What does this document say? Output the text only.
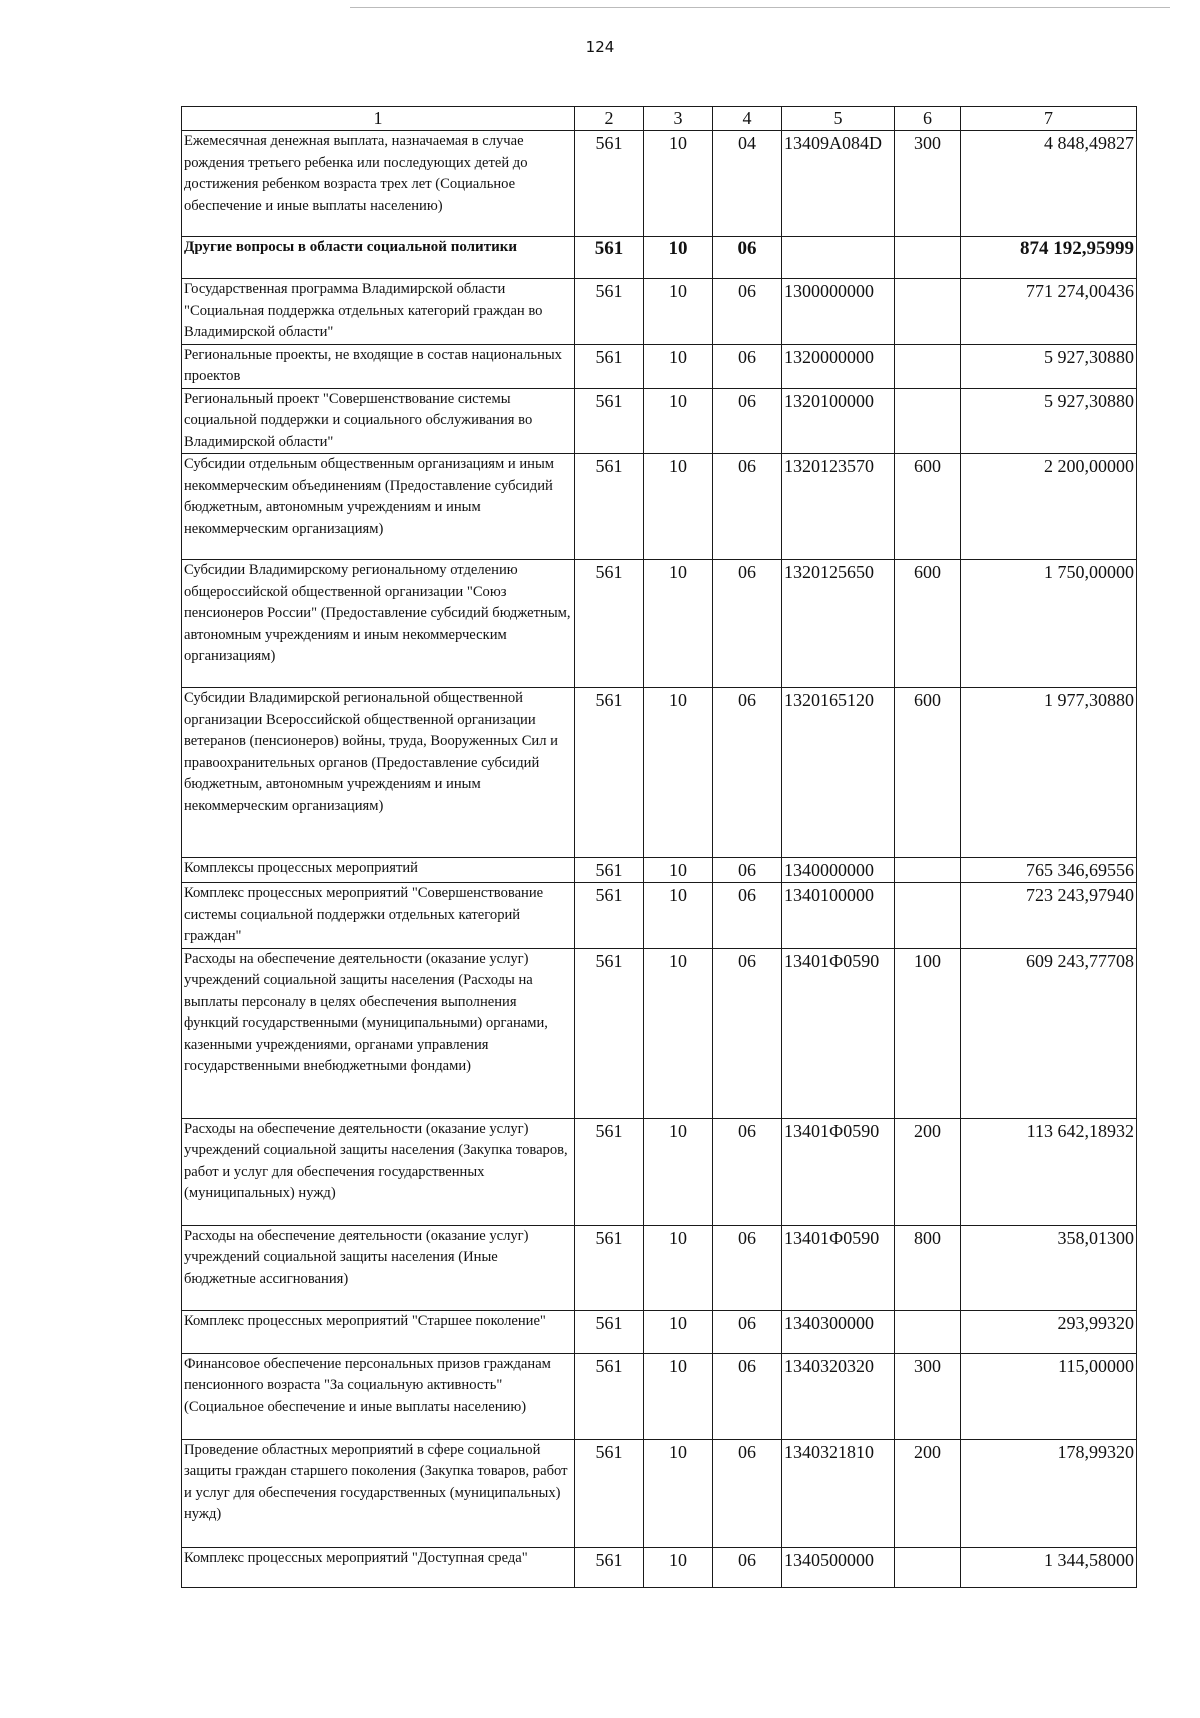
124
1	2	3	4	5	6	7
Ежемесячная денежная выплата, назначаемая в случае рождения третьего ребенка или последующих детей до достижения ребенком возраста трех лет (Социальное обеспечение и иные выплаты населению)	561	10	04	13409А084D	300	4 848,49827
Другие вопросы в области социальной политики	561	10	06			874 192,95999
Государственная программа Владимирской области "Социальная поддержка отдельных категорий граждан во Владимирской области"	561	10	06	1300000000		771 274,00436
Региональные проекты, не входящие в состав национальных проектов	561	10	06	1320000000		5 927,30880
Региональный проект "Совершенствование системы социальной поддержки и социального обслуживания во Владимирской области"	561	10	06	1320100000		5 927,30880
Субсидии отдельным общественным организациям и иным некоммерческим объединениям (Предоставление субсидий бюджетным, автономным учреждениям и иным некоммерческим организациям)	561	10	06	1320123570	600	2 200,00000
Субсидии Владимирскому региональному отделению общероссийской общественной организации "Союз пенсионеров России" (Предоставление субсидий бюджетным, автономным учреждениям и иным некоммерческим организациям)	561	10	06	1320125650	600	1 750,00000
Субсидии Владимирской региональной общественной организации Всероссийской общественной организации ветеранов (пенсионеров) войны, труда, Вооруженных Сил и правоохранительных органов (Предоставление субсидий бюджетным, автономным учреждениям и иным некоммерческим организациям)	561	10	06	1320165120	600	1 977,30880
Комплексы процессных мероприятий	561	10	06	1340000000		765 346,69556
Комплекс процессных мероприятий "Совершенствование системы социальной поддержки отдельных категорий граждан"	561	10	06	1340100000		723 243,97940
Расходы на обеспечение деятельности (оказание услуг) учреждений социальной защиты населения (Расходы на выплаты персоналу в целях обеспечения выполнения функций государственными (муниципальными) органами, казенными учреждениями, органами управления государственными внебюджетными фондами)	561	10	06	13401Ф0590	100	609 243,77708
Расходы на обеспечение деятельности (оказание услуг) учреждений социальной защиты населения (Закупка товаров, работ и услуг для обеспечения государственных (муниципальных) нужд)	561	10	06	13401Ф0590	200	113 642,18932
Расходы на обеспечение деятельности (оказание услуг) учреждений социальной защиты населения (Иные бюджетные ассигнования)	561	10	06	13401Ф0590	800	358,01300
Комплекс процессных мероприятий "Старшее поколение"	561	10	06	1340300000		293,99320
Финансовое обеспечение персональных призов гражданам пенсионного возраста "За социальную активность" (Социальное обеспечение и иные выплаты населению)	561	10	06	1340320320	300	115,00000
Проведение областных мероприятий в сфере социальной защиты граждан старшего поколения (Закупка товаров, работ и услуг для обеспечения государственных (муниципальных) нужд)	561	10	06	1340321810	200	178,99320
Комплекс процессных мероприятий "Доступная среда"	561	10	06	1340500000		1 344,58000
